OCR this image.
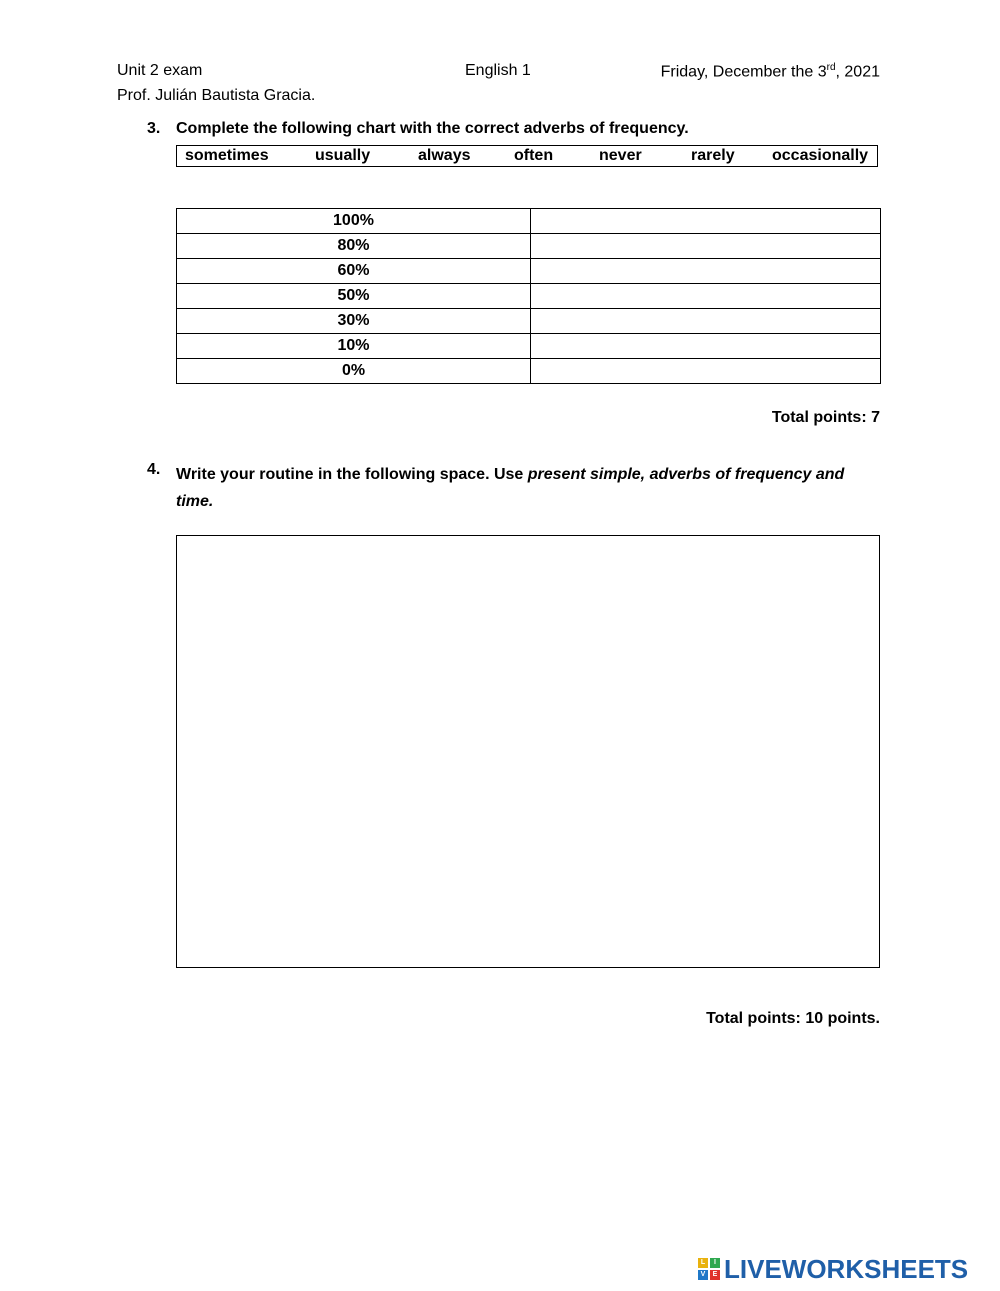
Unit 2 exam	English 1	Friday, December the 3rd, 2021
Prof. Julián Bautista Gracia.
3. Complete the following chart with the correct adverbs of frequency.
sometimes	usually	always	often	never	rarely occasionally
100%	
80%	
60%	
50%	
30%	
10%	
0%	
Total points: 7
4. Write your routine in the following space. Use present simple, adverbs of frequency and time.
Total points: 10 points.
L	I
V	E LIVEWORKSHEETS
